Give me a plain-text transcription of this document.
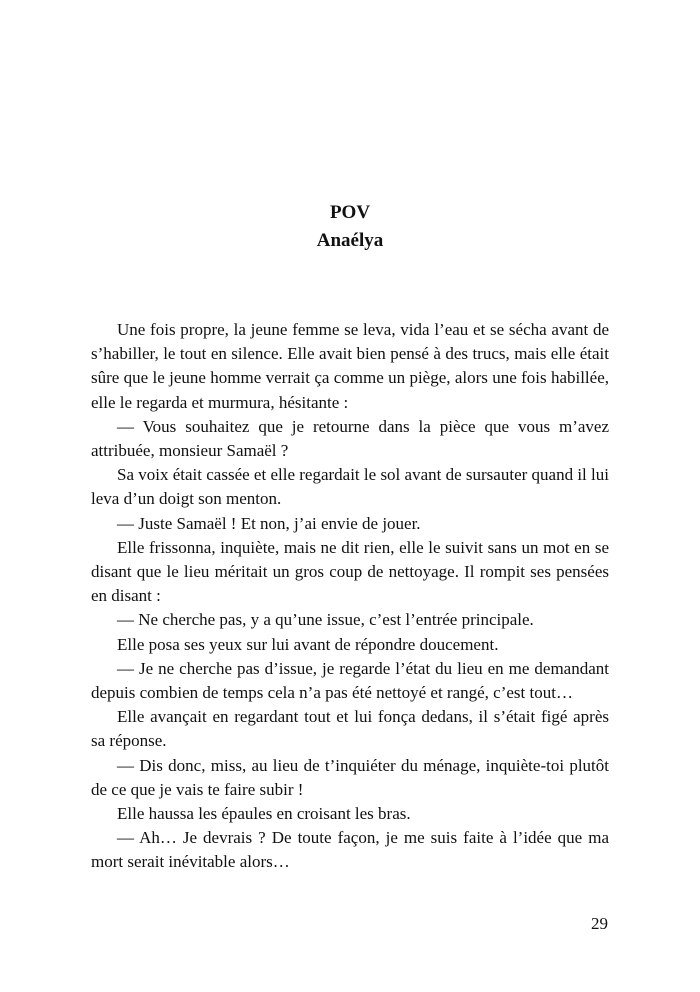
POV
Anaélya

Une fois propre, la jeune femme se leva, vida l’eau et se sécha avant de s’habiller, le tout en silence. Elle avait bien pensé à des trucs, mais elle était sûre que le jeune homme verrait ça comme un piège, alors une fois habillée, elle le regarda et murmura, hésitante :

— Vous souhaitez que je retourne dans la pièce que vous m’avez attribuée, monsieur Samaël ?

Sa voix était cassée et elle regardait le sol avant de sursauter quand il lui leva d’un doigt son menton.

— Juste Samaël ! Et non, j’ai envie de jouer.

Elle frissonna, inquiète, mais ne dit rien, elle le suivit sans un mot en se disant que le lieu méritait un gros coup de nettoyage. Il rompit ses pensées en disant :

— Ne cherche pas, y a qu’une issue, c’est l’entrée principale.

Elle posa ses yeux sur lui avant de répondre doucement.

— Je ne cherche pas d’issue, je regarde l’état du lieu en me demandant depuis combien de temps cela n’a pas été nettoyé et rangé, c’est tout…

Elle avançait en regardant tout et lui fonça dedans, il s’était figé après sa réponse.

— Dis donc, miss, au lieu de t’inquiéter du ménage, inquiète-toi plutôt de ce que je vais te faire subir !

Elle haussa les épaules en croisant les bras.

— Ah… Je devrais ? De toute façon, je me suis faite à l’idée que ma mort serait inévitable alors…

29
